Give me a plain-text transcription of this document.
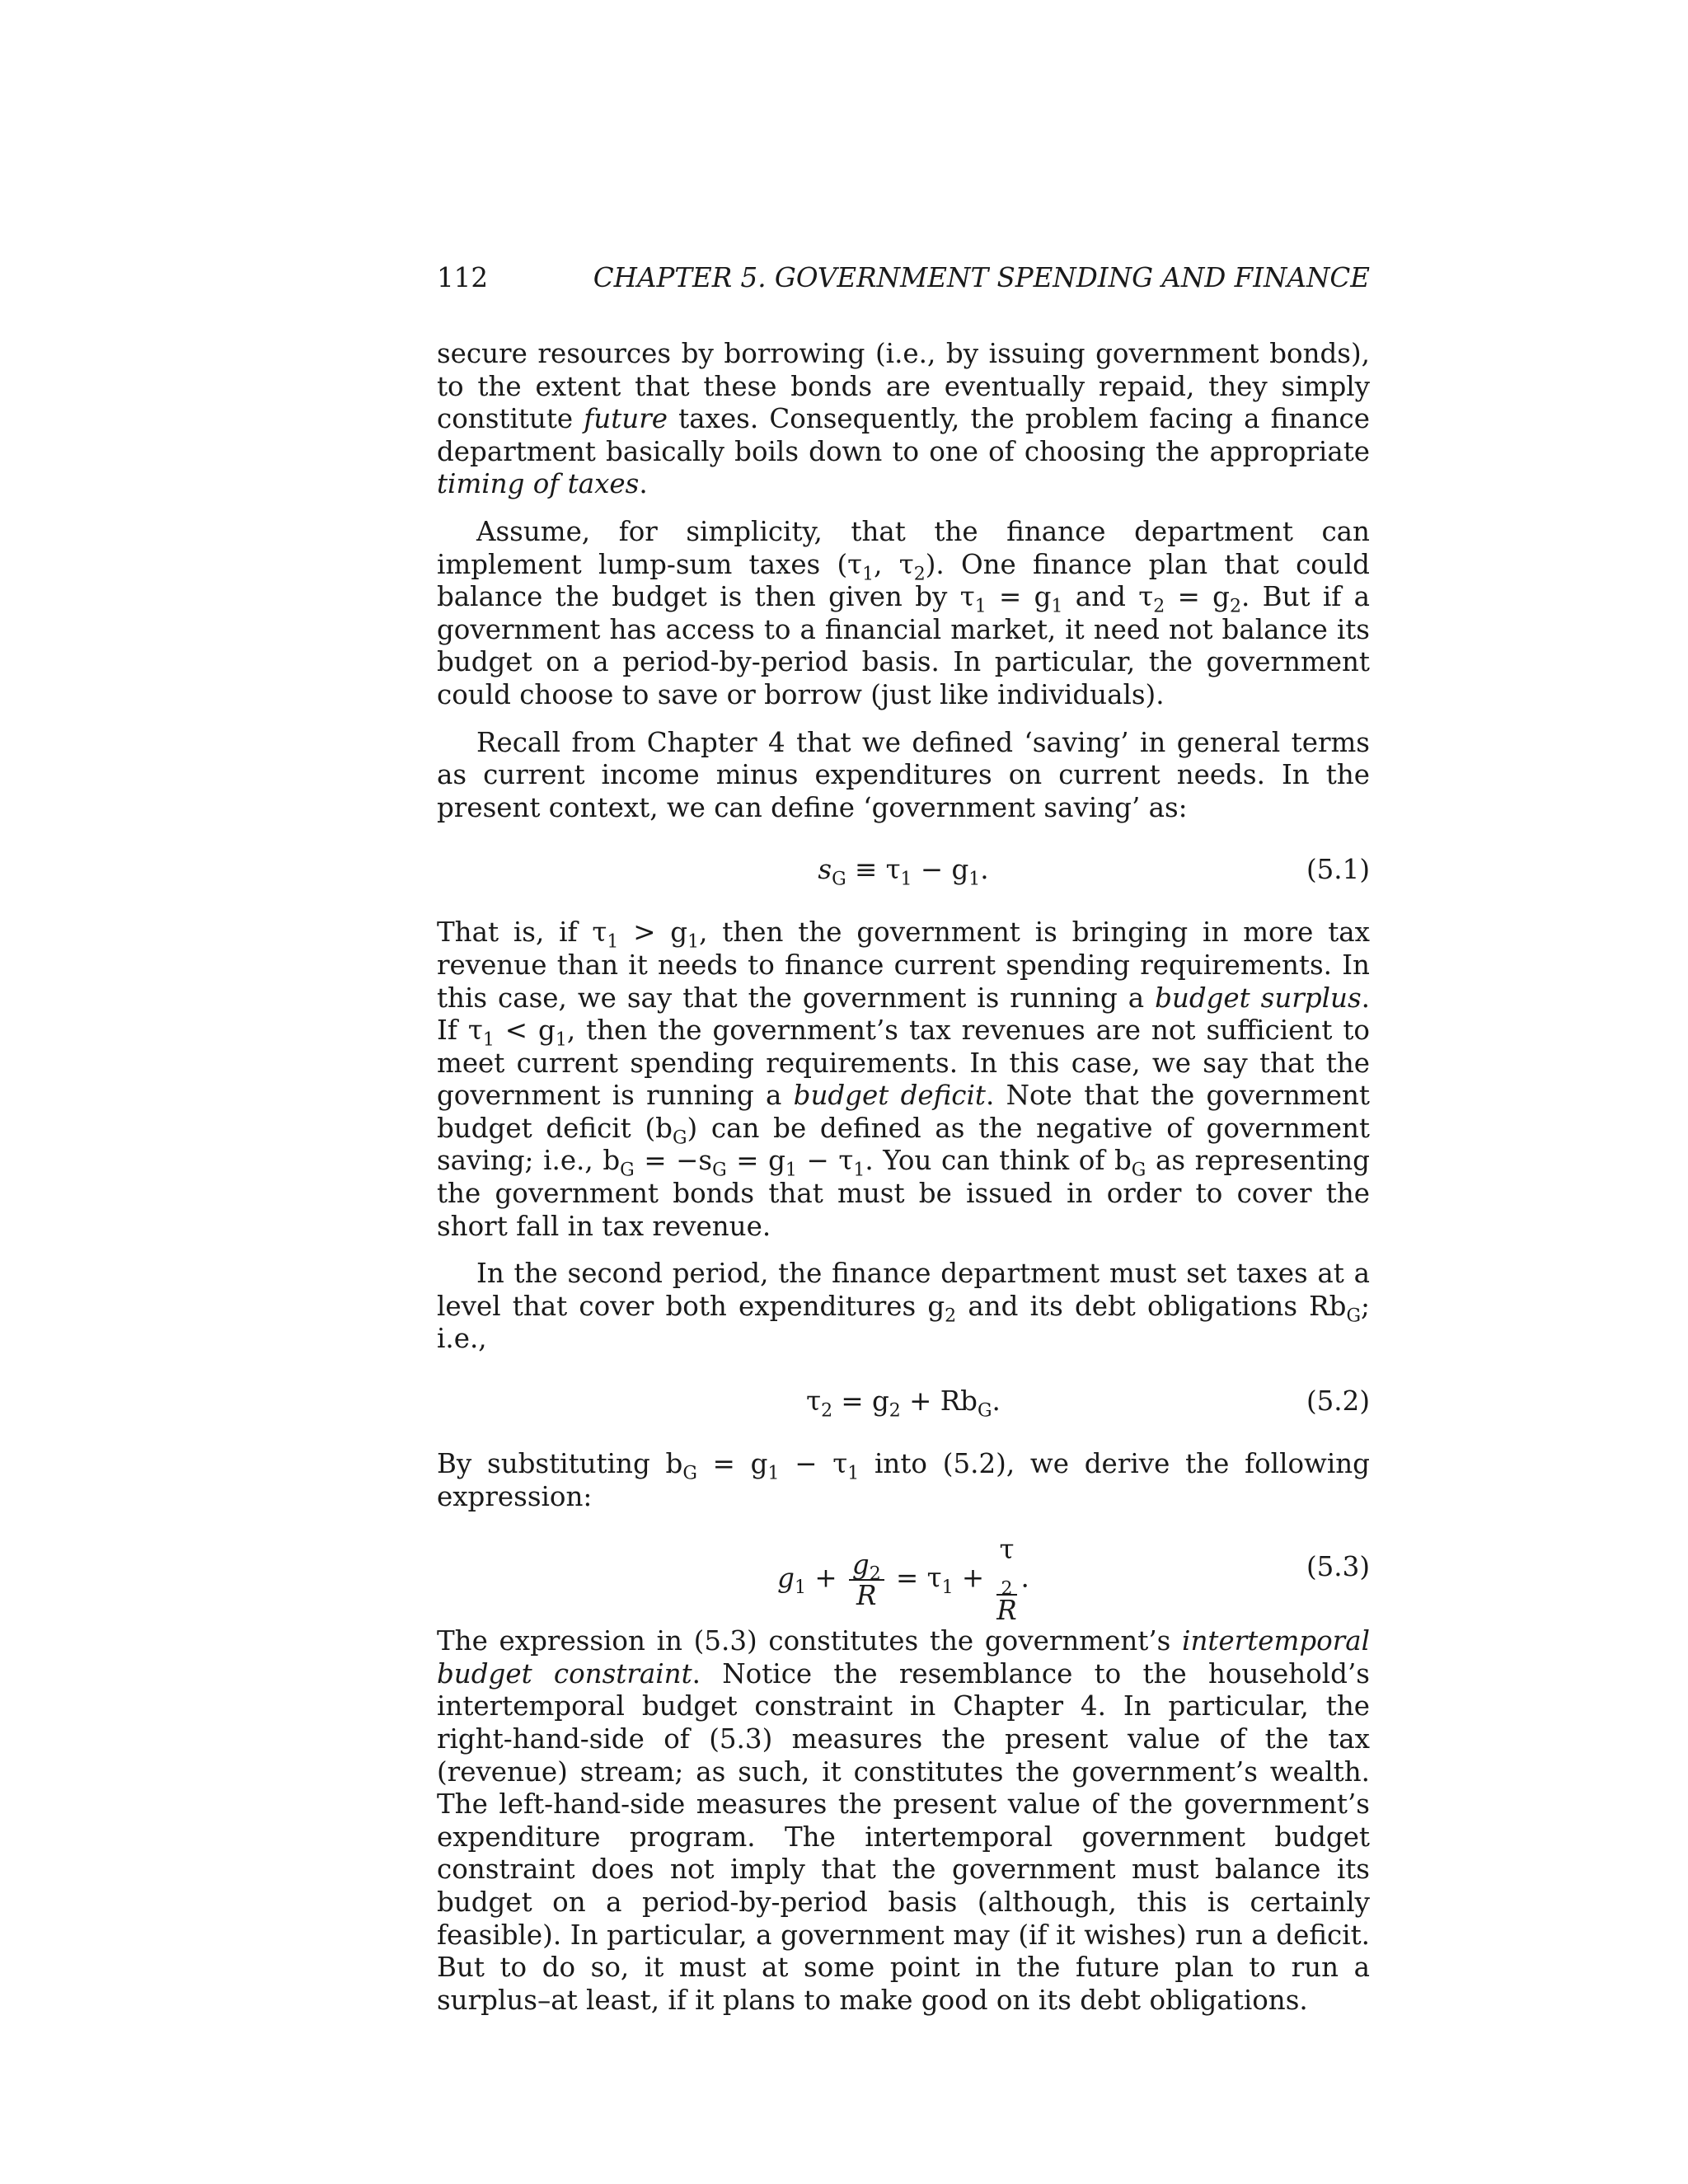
112	CHAPTER 5. GOVERNMENT SPENDING AND FINANCE

secure resources by borrowing (i.e., by issuing government bonds), to the extent that these bonds are eventually repaid, they simply constitute future taxes. Consequently, the problem facing a finance department basically boils down to one of choosing the appropriate timing of taxes.

Assume, for simplicity, that the finance department can implement lump-sum taxes ($\tau_1$, $\tau_2$). One finance plan that could balance the budget is then given by $\tau_1 = g_1$ and $\tau_2 = g_2$. But if a government has access to a financial market, it need not balance its budget on a period-by-period basis. In particular, the government could choose to save or borrow (just like individuals).

Recall from Chapter 4 that we defined ‘saving’ in general terms as current income minus expenditures on current needs. In the present context, we can define ‘government saving’ as:

$s_G \equiv \tau_1 - g_1$.	(5.1)

That is, if $\tau_1 > g_1$, then the government is bringing in more tax revenue than it needs to finance current spending requirements. In this case, we say that the government is running a budget surplus. If $\tau_1 < g_1$, then the government’s tax revenues are not sufficient to meet current spending requirements. In this case, we say that the government is running a budget deficit. Note that the government budget deficit $(b_G)$ can be defined as the negative of government saving; i.e., $b_G = -s_G = g_1 - \tau_1$. You can think of $b_G$ as representing the government bonds that must be issued in order to cover the short fall in tax revenue.

In the second period, the finance department must set taxes at a level that cover both expenditures $g_2$ and its debt obligations $Rb_G$; i.e.,

$\tau_2 = g_2 + Rb_G$.	(5.2)

By substituting $b_G = g_1 - \tau_1$ into (5.2), we derive the following expression:

$g_1 + \frac{g_2}{R} = \tau_1 + \tau$
$_2$
R .	(5.3)

The expression in (5.3) constitutes the government’s intertemporal budget constraint. Notice the resemblance to the household’s intertemporal budget constraint in Chapter 4. In particular, the right-hand-side of (5.3) measures the present value of the tax (revenue) stream; as such, it constitutes the government’s wealth. The left-hand-side measures the present value of the government’s expenditure program. The intertemporal government budget constraint does not imply that the government must balance its budget on a period-by-period basis (although, this is certainly feasible). In particular, a government may (if it wishes) run a deficit. But to do so, it must at some point in the future plan to run a surplus–at least, if it plans to make good on its debt obligations.
